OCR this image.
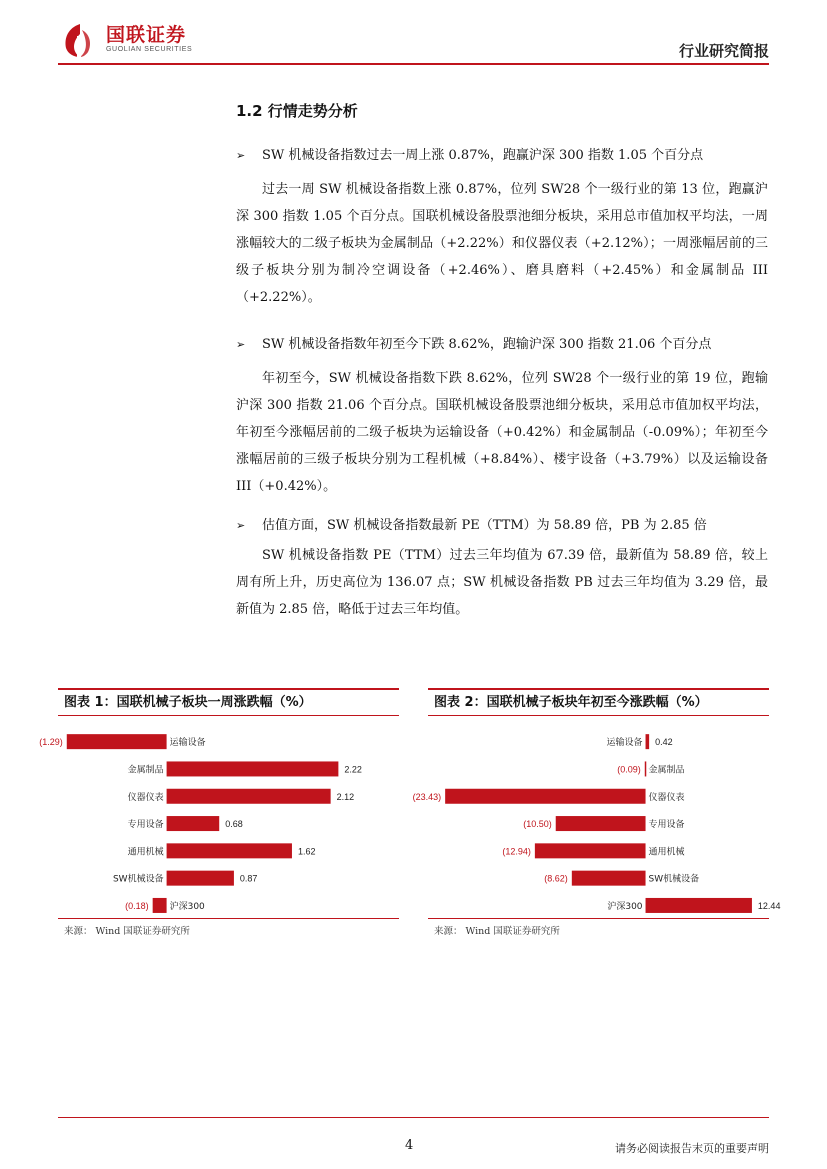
国联证券
GUOLIAN SECURITIES	行业研究简报
1.2 行情走势分析
➢ SW 机械设备指数过去一周上涨 0.87%，跑赢沪深 300 指数 1.05 个百分点
过去一周 SW 机械设备指数上涨 0.87%，位列 SW28 个一级行业的第 13 位，跑赢沪深 300 指数 1.05 个百分点。国联机械设备股票池细分板块，采用总市值加权平均法，一周涨幅较大的二级子板块为金属制品（+2.22%）和仪器仪表（+2.12%）；一周涨幅居前的三级子板块分别为制冷空调设备（+2.46%）、磨具磨料（+2.45%）和金属制品 III（+2.22%）。
➢ SW 机械设备指数年初至今下跌 8.62%，跑输沪深 300 指数 21.06 个百分点
年初至今，SW 机械设备指数下跌 8.62%，位列 SW28 个一级行业的第 19 位，跑输沪深 300 指数 21.06 个百分点。国联机械设备股票池细分板块，采用总市值加权平均法，年初至今涨幅居前的二级子板块为运输设备（+0.42%）和金属制品（-0.09%）；年初至今涨幅居前的三级子板块分别为工程机械（+8.84%）、楼宇设备（+3.79%）以及运输设备 III（+0.42%）。
➢ 估值方面，SW 机械设备指数最新 PE（TTM）为 58.89 倍，PB 为 2.85 倍
SW 机械设备指数 PE（TTM）过去三年均值为 67.39 倍，最新值为 58.89 倍，较上周有所上升，历史高位为 136.07 点；SW 机械设备指数 PB 过去三年均值为 3.29 倍，最新值为 2.85 倍，略低于过去三年均值。
图表 1：国联机械子板块一周涨跌幅（%）
运输设备
(1.29)
金属制品	2.22
仪器仪表	2.12
专用设备	0.68
通用机械	1.62
SW机械设备	0.87
沪深300
(0.18)
来源： Wind 国联证券研究所
图表 2：国联机械子板块年初至今涨跌幅（%）
运输设备 0.42
金属制品
(0.09)
仪器仪表
(23.43)
专用设备
(10.50)
通用机械
(12.94)
SW机械设备
(8.62)
沪深300	12.44
来源： Wind 国联证券研究所
4	请务必阅读报告末页的重要声明
